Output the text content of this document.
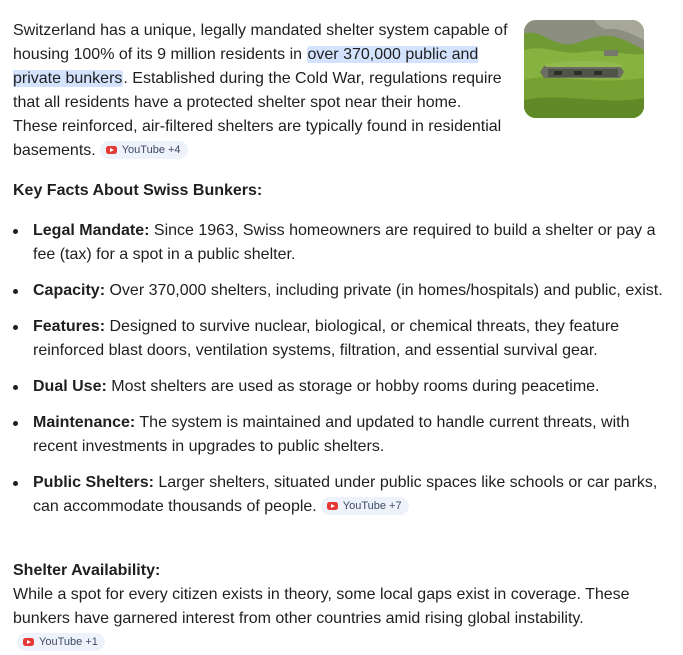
Switzerland has a unique, legally mandated shelter system capable of housing 100% of its 9 million residents in over 370,000 public and private bunkers. Established during the Cold War, regulations require that all residents have a protected shelter spot near their home. These reinforced, air-filtered shelters are typically found in residential basements. YouTube +4

Key Facts About Swiss Bunkers:
Legal Mandate: Since 1963, Swiss homeowners are required to build a shelter or pay a fee (tax) for a spot in a public shelter.
Capacity: Over 370,000 shelters, including private (in homes/hospitals) and public, exist.
Features: Designed to survive nuclear, biological, or chemical threats, they feature reinforced blast doors, ventilation systems, filtration, and essential survival gear.
Dual Use: Most shelters are used as storage or hobby rooms during peacetime.
Maintenance: The system is maintained and updated to handle current threats, with recent investments in upgrades to public shelters.
Public Shelters: Larger shelters, situated under public spaces like schools or car parks, can accommodate thousands of people. YouTube +7
Shelter Availability:

While a spot for every citizen exists in theory, some local gaps exist in coverage. These bunkers have garnered interest from other countries amid rising global instability.
YouTube +1
